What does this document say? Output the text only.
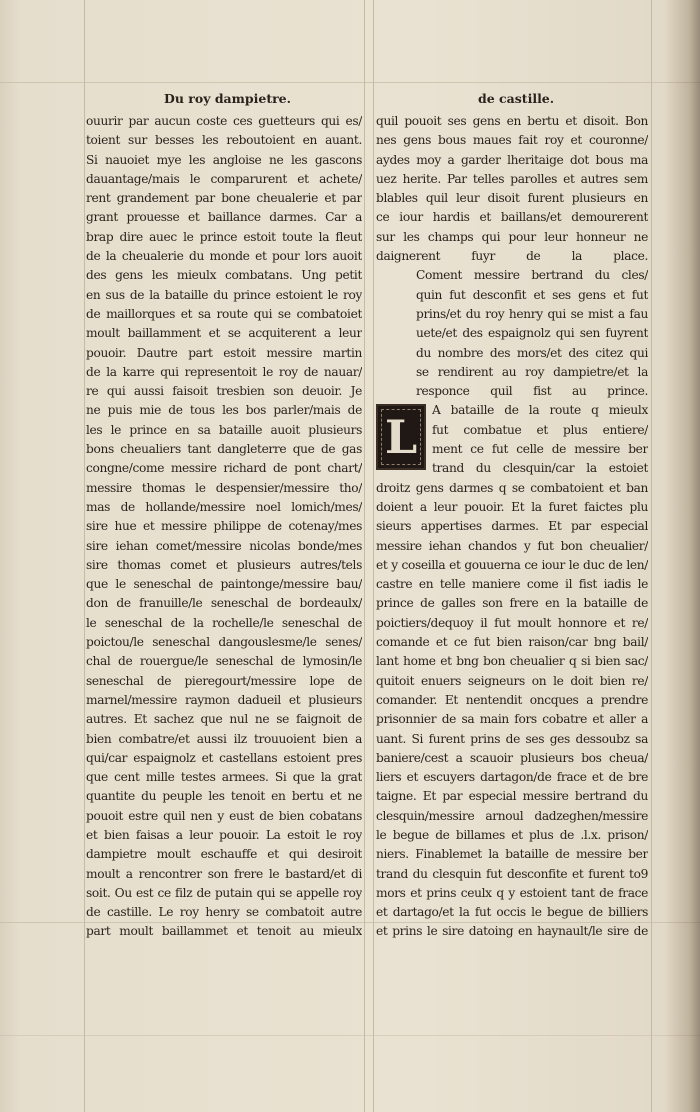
Du roy dampietre.	de castille.
ouurir par aucun coste ces guetteurs qui es/
toient sur besses les reboutoient en auant.
Si nauoiet mye les angloise ne les gascons
dauantage/mais le comparurent et achete/
rent grandement par bone cheualerie et par
grant prouesse et baillance darmes. Car a
brap dire auec le prince estoit toute la fleut
de la cheualerie du monde et pour lors auoit
des gens les mieulx combatans. Ung petit
en sus de la bataille du prince estoient le roy
de maillorques et sa route qui se combatoiet
moult baillamment et se acquiterent a leur
pouoir. Dautre part estoit messire martin
de la karre qui representoit le roy de nauar/
re qui aussi faisoit tresbien son deuoir. Je
ne puis mie de tous les bos parler/mais de
les le prince en sa bataille auoit plusieurs
bons cheualiers tant dangleterre que de gas
congne/come messire richard de pont chart/
messire thomas le despensier/messire tho/
mas de hollande/messire noel lomich/mes/
sire hue et messire philippe de cotenay/mes
sire iehan comet/messire nicolas bonde/mes
sire thomas comet et plusieurs autres/tels
que le seneschal de paintonge/messire bau/
don de franuille/le seneschal de bordeaulx/
le seneschal de la rochelle/le seneschal de
poictou/le seneschal dangouslesme/le senes/
chal de rouergue/le seneschal de lymosin/le
seneschal de pieregourt/messire lope de
marnel/messire raymon dadueil et plusieurs
autres. Et sachez que nul ne se faignoit de
bien combatre/et aussi ilz trouuoient bien a
qui/car espaignolz et castellans estoient pres
que cent mille testes armees. Si que la grat
quantite du peuple les tenoit en bertu et ne
pouoit estre quil nen y eust de bien cobatans
et bien faisas a leur pouoir. La estoit le roy
dampietre moult eschauffe et qui desiroit
moult a rencontrer son frere le bastard/et di
soit. Ou est ce filz de putain qui se appelle roy
de castille. Le roy henry se combatoit autre
part moult baillammet et tenoit au mieulx
quil pouoit ses gens en bertu et disoit. Bon
nes gens bous maues fait roy et couronne/
aydes moy a garder lheritaige dot bous ma
uez herite. Par telles parolles et autres sem
blables quil leur disoit furent plusieurs en
ce iour hardis et baillans/et demourerent
sur les champs qui pour leur honneur ne
daignerent fuyr de la place.
Coment messire bertrand du cles/
quin fut desconfit et ses gens et fut
prins/et du roy henry qui se mist a fau
uete/et des espaignolz qui sen fuyrent
du nombre des mors/et des citez qui
se rendirent au roy dampietre/et la
responce quil fist au prince.
L	A bataille de la route q mieulx
fut combatue et plus entiere/
ment ce fut celle de messire ber
trand du clesquin/car la estoiet
droitz gens darmes q se combatoient et ban
doient a leur pouoir. Et la furet faictes plu
sieurs appertises darmes. Et par especial
messire iehan chandos y fut bon cheualier/
et y coseilla et gouuerna ce iour le duc de len/
castre en telle maniere come il fist iadis le
prince de galles son frere en la bataille de
poictiers/dequoy il fut moult honnore et re/
comande et ce fut bien raison/car bng bail/
lant home et bng bon cheualier q si bien sac/
quitoit enuers seigneurs on le doit bien re/
comander. Et nentendit oncques a prendre
prisonnier de sa main fors cobatre et aller a
uant. Si furent prins de ses ges dessoubz sa
baniere/cest a scauoir plusieurs bos cheua/
liers et escuyers dartagon/de frace et de bre
taigne. Et par especial messire bertrand du
clesquin/messire arnoul dadzeghen/messire
le begue de billames et plus de .l.x. prison/
niers. Finablemet la bataille de messire ber
trand du clesquin fut desconfite et furent to9
mors et prins ceulx q y estoient tant de frace
et dartago/et la fut occis le begue de billiers
et prins le sire datoing en haynault/le sire de
